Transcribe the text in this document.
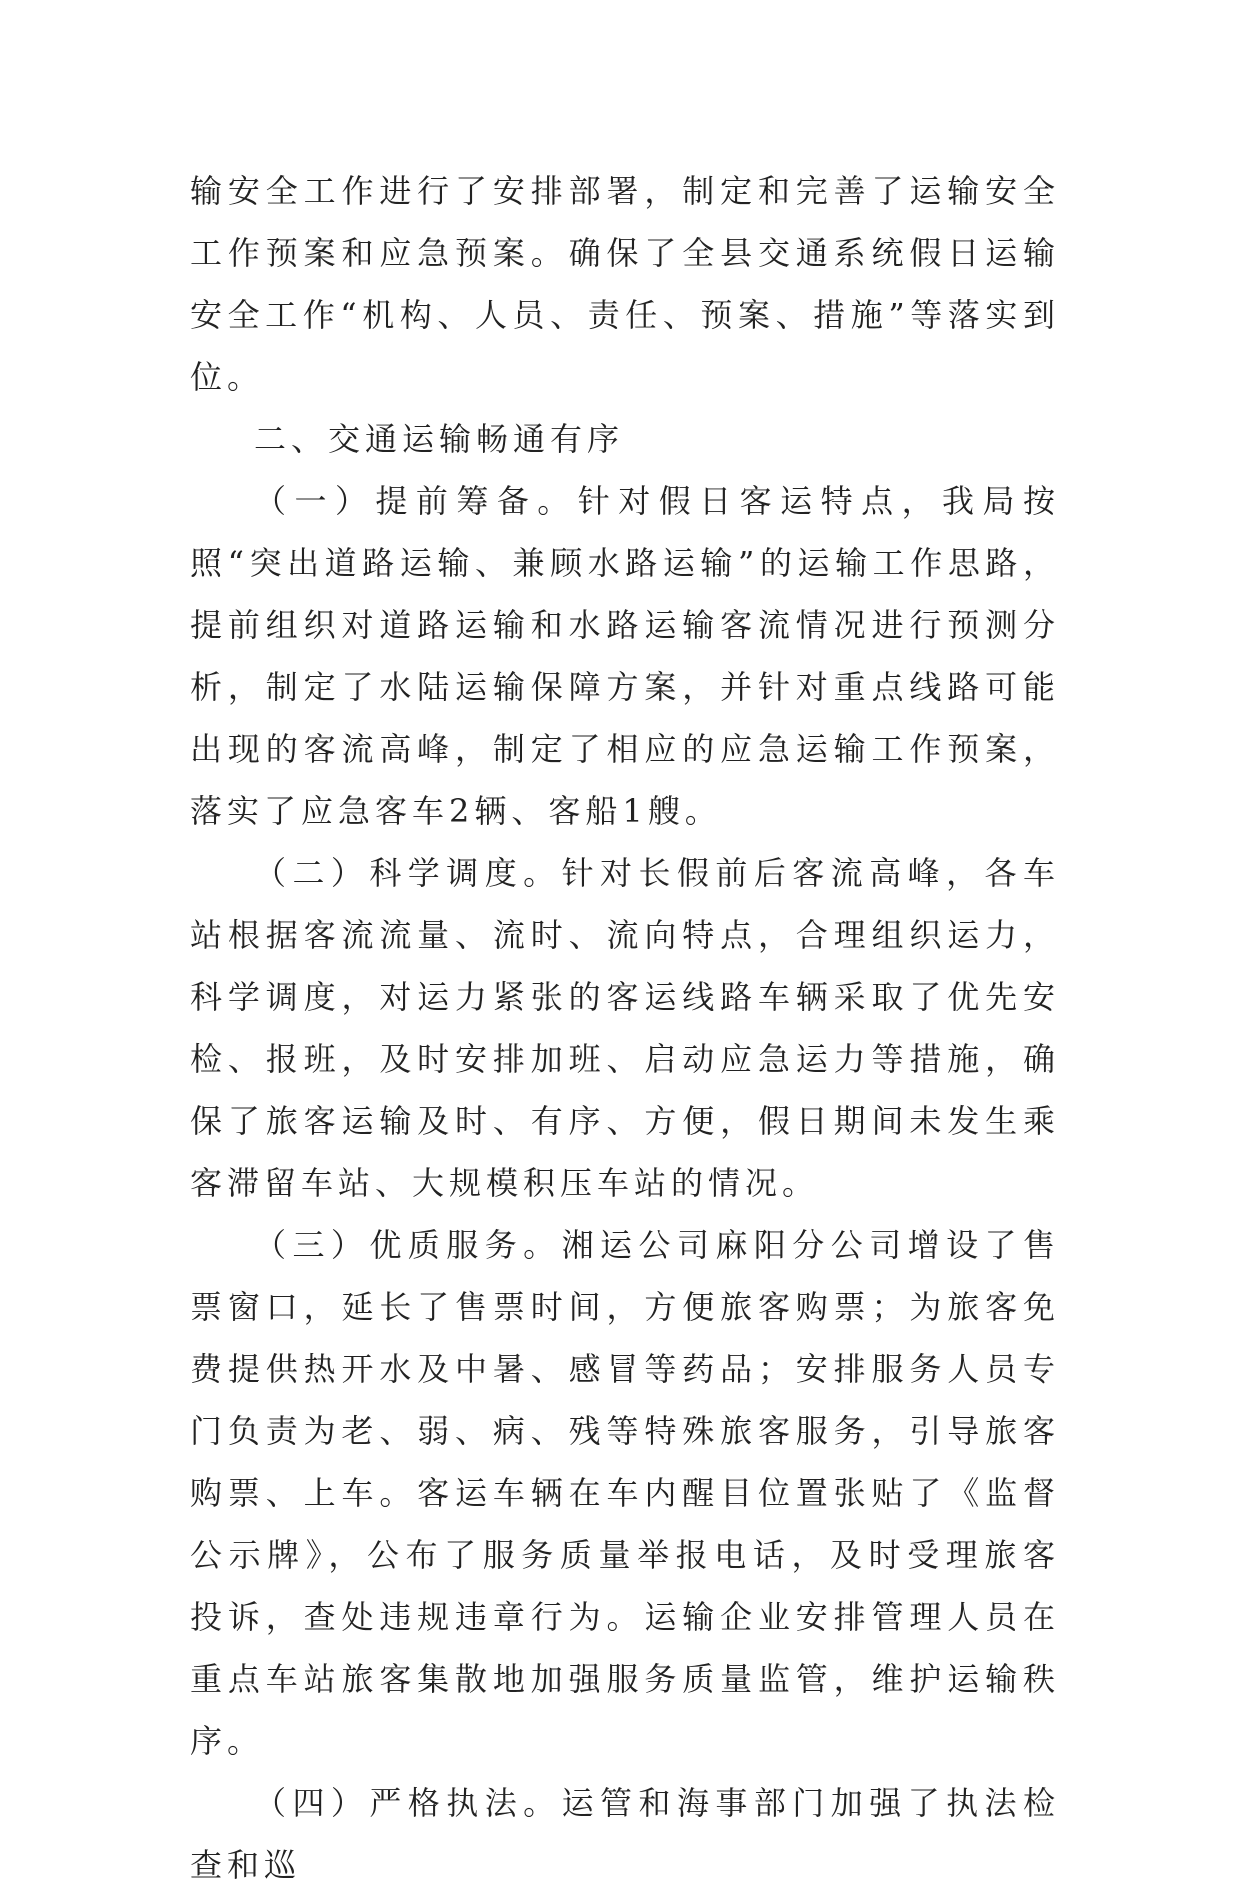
输安全工作进行了安排部署，制定和完善了运输安全工作预案和应急预案。确保了全县交通系统假日运输安全工作“机构、人员、责任、预案、措施”等落实到位。

二、交通运输畅通有序

（一）提前筹备。针对假日客运特点，我局按照“突出道路运输、兼顾水路运输”的运输工作思路，提前组织对道路运输和水路运输客流情况进行预测分析，制定了水陆运输保障方案，并针对重点线路可能出现的客流高峰，制定了相应的应急运输工作预案，落实了应急客车2辆、客船1艘。

（二）科学调度。针对长假前后客流高峰，各车站根据客流流量、流时、流向特点，合理组织运力，科学调度，对运力紧张的客运线路车辆采取了优先安检、报班，及时安排加班、启动应急运力等措施，确保了旅客运输及时、有序、方便，假日期间未发生乘客滞留车站、大规模积压车站的情况。

（三）优质服务。湘运公司麻阳分公司增设了售票窗口，延长了售票时间，方便旅客购票；为旅客免费提供热开水及中暑、感冒等药品；安排服务人员专门负责为老、弱、病、残等特殊旅客服务，引导旅客购票、上车。客运车辆在车内醒目位置张贴了《监督公示牌》，公布了服务质量举报电话，及时受理旅客投诉，查处违规违章行为。运输企业安排管理人员在重点车站旅客集散地加强服务质量监管，维护运输秩序。

（四）严格执法。运管和海事部门加强了执法检查和巡
